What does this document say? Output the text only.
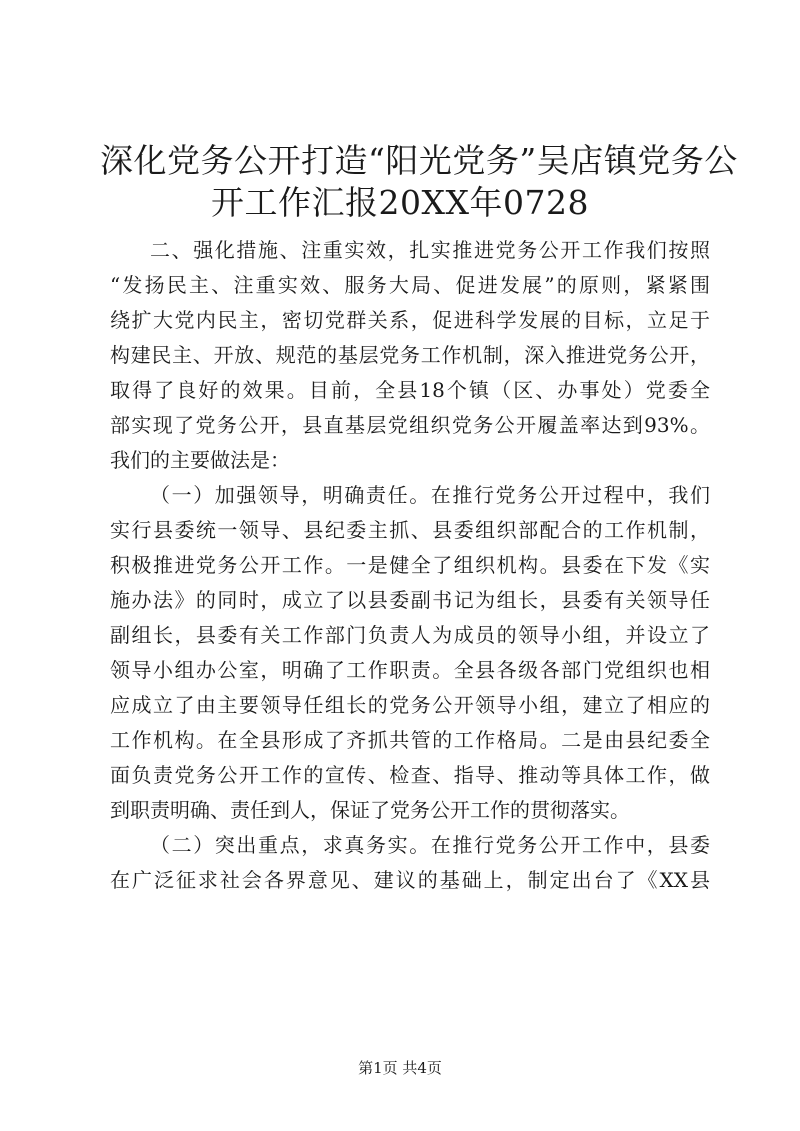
深化党务公开打造“阳光党务”吴店镇党务公
开工作汇报20XX年0728
二、强化措施、注重实效，扎实推进党务公开工作我们按照
“发扬民主、注重实效、服务大局、促进发展”的原则，紧紧围
绕扩大党内民主，密切党群关系，促进科学发展的目标，立足于
构建民主、开放、规范的基层党务工作机制，深入推进党务公开，
取得了良好的效果。目前，全县18个镇（区、办事处）党委全
部实现了党务公开，县直基层党组织党务公开履盖率达到93%。
我们的主要做法是：
（一）加强领导，明确责任。在推行党务公开过程中，我们
实行县委统一领导、县纪委主抓、县委组织部配合的工作机制，
积极推进党务公开工作。一是健全了组织机构。县委在下发《实
施办法》的同时，成立了以县委副书记为组长，县委有关领导任
副组长，县委有关工作部门负责人为成员的领导小组，并设立了
领导小组办公室，明确了工作职责。全县各级各部门党组织也相
应成立了由主要领导任组长的党务公开领导小组，建立了相应的
工作机构。在全县形成了齐抓共管的工作格局。二是由县纪委全
面负责党务公开工作的宣传、检查、指导、推动等具体工作，做
到职责明确、责任到人，保证了党务公开工作的贯彻落实。
（二）突出重点，求真务实。在推行党务公开工作中，县委
在广泛征求社会各界意见、建议的基础上，制定出台了《XX县
第1页 共4页
